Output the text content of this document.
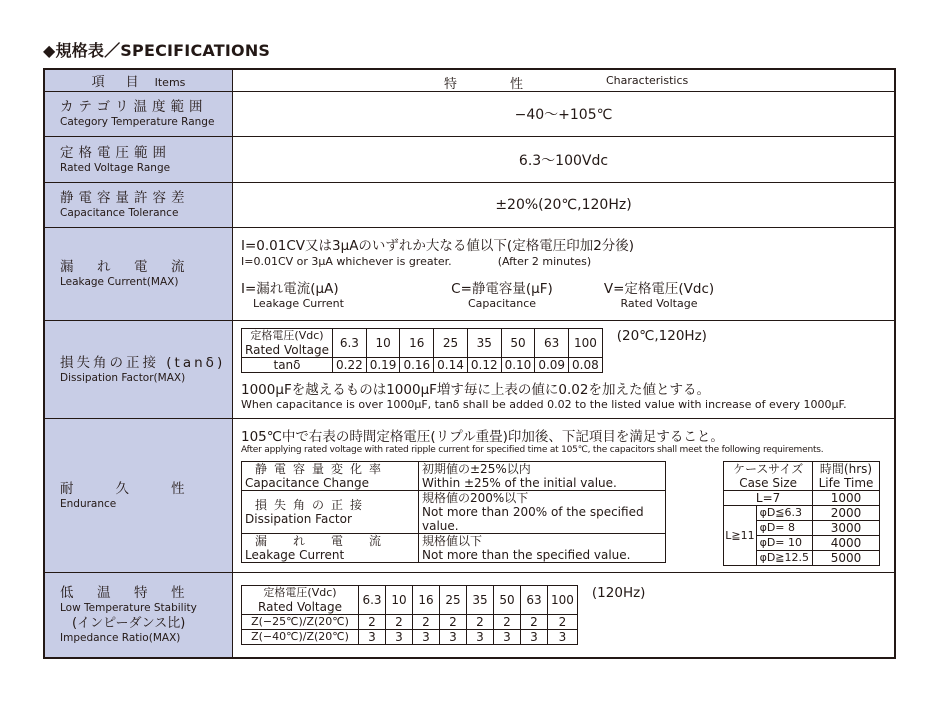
◆規格表／SPECIFICATIONS
項　目　 Items	特	性	Characteristics

カテゴリ温度範囲
Category Temperature Range	−40〜+105℃

定格電圧範囲
Rated Voltage Range	6.3〜100Vdc

静電容量許容差
Capacitance Tolerance	±20%(20℃,120Hz)

漏　れ　電　流
Leakage Current(MAX)

I=0.01CV又は3μAのいずれか大なる値以下(定格電圧印加2分後)
I=0.01CV or 3μA whichever is greater.	(After 2 minutes)
I=漏れ電流(μA)
Leakage Current
C=静電容量(μF)
Capacitance
V=定格電圧(Vdc)
Rated Voltage

損失角の正接 (tanδ)
Dissipation Factor(MAX)

定格電圧(Vdc)
Rated Voltage	6.3	10	16	25	35	50	63	100
tanδ	0.22	0.19	0.16	0.14	0.12	0.10	0.09	0.08
(20℃,120Hz)
1000μFを越えるものは1000μF増す毎に上表の値に0.02を加えた値とする。
When capacitance is over 1000μF, tanδ shall be added 0.02 to the listed value with increase of every 1000μF.

耐　　久　　性
Endurance

105℃中で右表の時間定格電圧(リプル重畳)印加後、下記項目を満足すること。
After applying rated voltage with rated ripple current for specified time at 105℃, the capacitors shall meet the following requirements.
静電容量変化率
Capacitance Change

初期値の±25%以内
Within ±25% of the initial value.

損失角の正接
Dissipation Factor

規格値の200%以下
Not more than 200% of the specified value.

漏　れ　電　流
Leakage Current

規格値以下
Not more than the specified value.
ケースサイズ
Case Size

時間(hrs)
Life Time

L=7	1000
L≧11	φD≦6.3	2000
φD= 8	3000
φD= 10	4000
φD≧12.5	5000

低　温　特　性
Low Temperature Stability
(インピーダンス比)
Impedance Ratio(MAX)

定格電圧(Vdc)
Rated Voltage	6.3	10	16	25	35	50	63	100
Z(−25℃)/Z(20℃)	2	2	2	2	2	2	2	2
Z(−40℃)/Z(20℃)	3	3	3	3	3	3	3	3
(120Hz)
